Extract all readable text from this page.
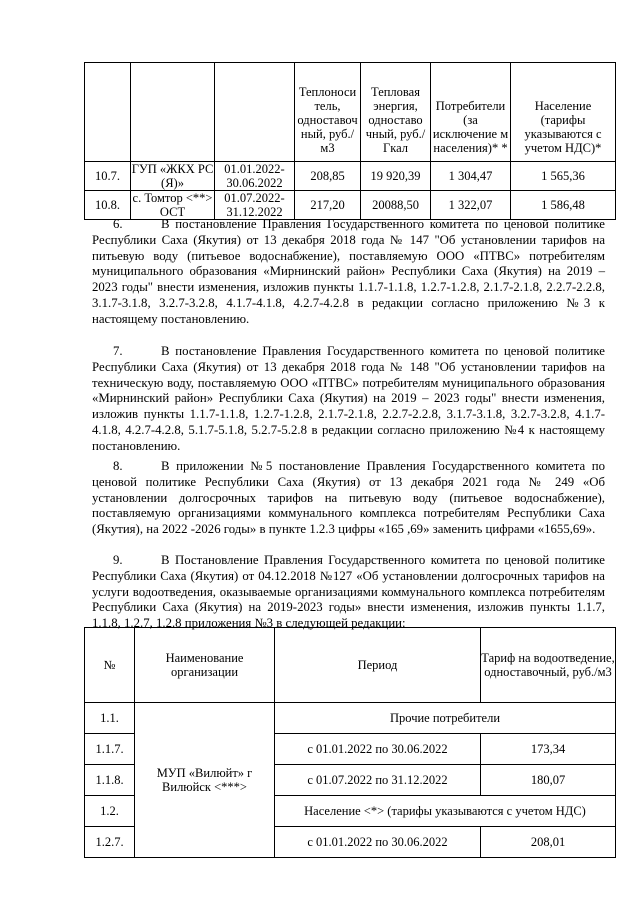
			Теплоноси тель, одноставоч ный, руб./м3	Тепловая энергия, одноставо чный, руб./Гкал	Потребители (за исключение м населения)* *	Население (тарифы указываются с учетом НДС)*
10.7.	ГУП «ЖКХ РС (Я)»	01.01.2022-30.06.2022	208,85	19 920,39	1 304,47	1 565,36
10.8.	с. Томтор <**> ОСТ	01.07.2022-31.12.2022	217,20	20088,50	1 322,07	1 586,48

6.	В постановление Правления Государственного комитета по ценовой политике Республики Саха (Якутия) от 13 декабря 2018 года № 147 "Об установлении тарифов на питьевую воду (питьевое водоснабжение), поставляемую ООО «ПТВС» потребителям муниципального образования «Мирнинский район» Республики Саха (Якутия) на 2019 – 2023 годы" внести изменения, изложив пункты 1.1.7-1.1.8, 1.2.7-1.2.8, 2.1.7-2.1.8, 2.2.7-2.2.8, 3.1.7-3.1.8, 3.2.7-3.2.8, 4.1.7-4.1.8, 4.2.7-4.2.8 в редакции согласно приложению №3 к настоящему постановлению.

7.	В постановление Правления Государственного комитета по ценовой политике Республики Саха (Якутия) от 13 декабря 2018 года № 148 "Об установлении тарифов на техническую воду, поставляемую ООО «ПТВС» потребителям муниципального образования «Мирнинский район» Республики Саха (Якутия) на 2019 – 2023 годы" внести изменения, изложив пункты 1.1.7-1.1.8, 1.2.7-1.2.8, 2.1.7-2.1.8, 2.2.7-2.2.8, 3.1.7-3.1.8, 3.2.7-3.2.8, 4.1.7-4.1.8, 4.2.7-4.2.8, 5.1.7-5.1.8, 5.2.7-5.2.8 в редакции согласно приложению №4 к настоящему постановлению.

8.	В приложении №5 постановление Правления Государственного комитета по ценовой политике Республики Саха (Якутия) от 13 декабря 2021 года № 249 «Об установлении долгосрочных тарифов на питьевую воду (питьевое водоснабжение), поставляемую организациями коммунального комплекса потребителям Республики Саха (Якутия), на 2022 -2026 годы» в пункте 1.2.3 цифры «165 ,69» заменить цифрами «1655,69».

9.	В Постановление Правления Государственного комитета по ценовой политике Республики Саха (Якутия) от 04.12.2018 №127 «Об установлении долгосрочных тарифов на услуги водоотведения, оказываемые организациями коммунального комплекса потребителям Республики Саха (Якутия) на 2019-2023 годы» внести изменения, изложив пункты 1.1.7, 1.1.8, 1.2.7, 1.2.8 приложения №3 в следующей редакции:

№	Наименование организации	Период	Тариф на водоотведение, одноставочный, руб./м3
1.1.	МУП «Вилюйт» г Вилюйск <***>	Прочие потребители	
1.1.7.		с 01.01.2022 по 30.06.2022	173,34
1.1.8.		с 01.07.2022 по 31.12.2022	180,07
1.2.		Население <*> (тарифы указываются с учетом НДС)	
1.2.7.		с 01.01.2022 по 30.06.2022	208,01
